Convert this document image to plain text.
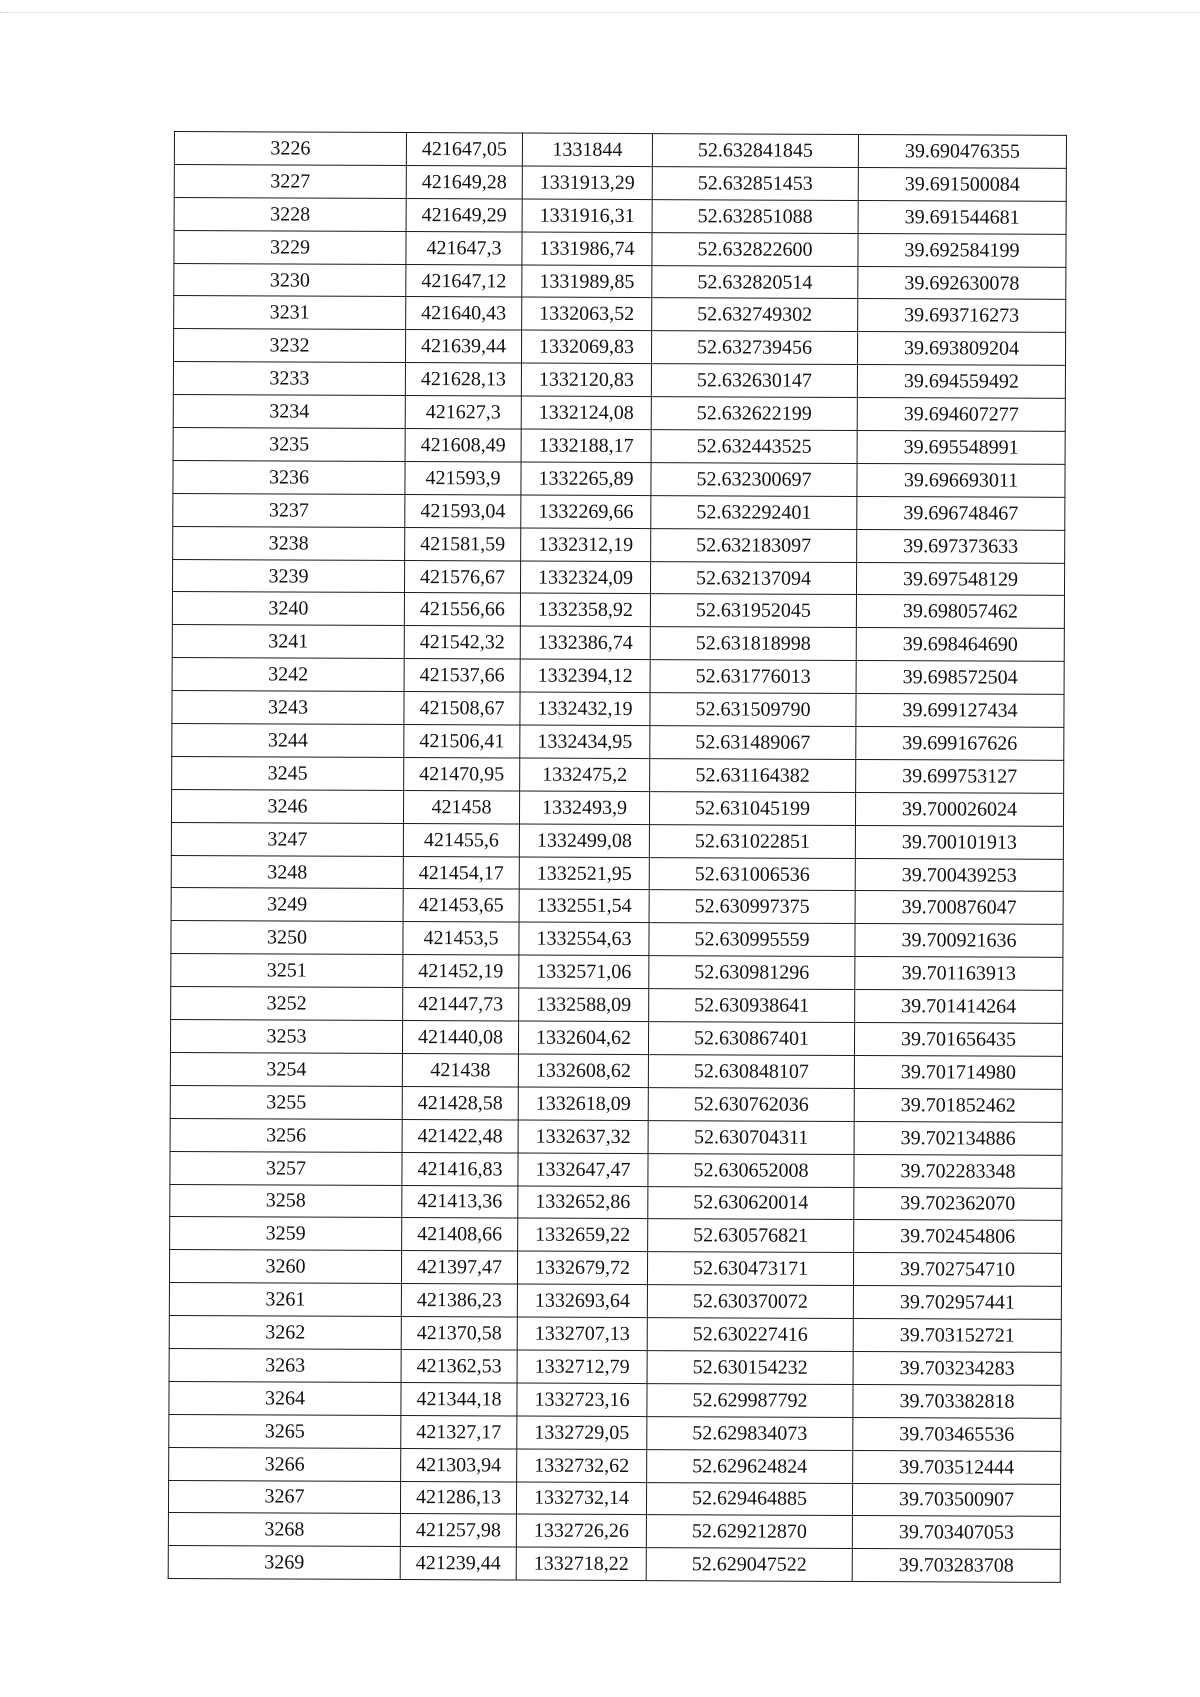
3226	421647,05	1331844	52.632841845	39.690476355
3227	421649,28	1331913,29	52.632851453	39.691500084
3228	421649,29	1331916,31	52.632851088	39.691544681
3229	421647,3	1331986,74	52.632822600	39.692584199
3230	421647,12	1331989,85	52.632820514	39.692630078
3231	421640,43	1332063,52	52.632749302	39.693716273
3232	421639,44	1332069,83	52.632739456	39.693809204
3233	421628,13	1332120,83	52.632630147	39.694559492
3234	421627,3	1332124,08	52.632622199	39.694607277
3235	421608,49	1332188,17	52.632443525	39.695548991
3236	421593,9	1332265,89	52.632300697	39.696693011
3237	421593,04	1332269,66	52.632292401	39.696748467
3238	421581,59	1332312,19	52.632183097	39.697373633
3239	421576,67	1332324,09	52.632137094	39.697548129
3240	421556,66	1332358,92	52.631952045	39.698057462
3241	421542,32	1332386,74	52.631818998	39.698464690
3242	421537,66	1332394,12	52.631776013	39.698572504
3243	421508,67	1332432,19	52.631509790	39.699127434
3244	421506,41	1332434,95	52.631489067	39.699167626
3245	421470,95	1332475,2	52.631164382	39.699753127
3246	421458	1332493,9	52.631045199	39.700026024
3247	421455,6	1332499,08	52.631022851	39.700101913
3248	421454,17	1332521,95	52.631006536	39.700439253
3249	421453,65	1332551,54	52.630997375	39.700876047
3250	421453,5	1332554,63	52.630995559	39.700921636
3251	421452,19	1332571,06	52.630981296	39.701163913
3252	421447,73	1332588,09	52.630938641	39.701414264
3253	421440,08	1332604,62	52.630867401	39.701656435
3254	421438	1332608,62	52.630848107	39.701714980
3255	421428,58	1332618,09	52.630762036	39.701852462
3256	421422,48	1332637,32	52.630704311	39.702134886
3257	421416,83	1332647,47	52.630652008	39.702283348
3258	421413,36	1332652,86	52.630620014	39.702362070
3259	421408,66	1332659,22	52.630576821	39.702454806
3260	421397,47	1332679,72	52.630473171	39.702754710
3261	421386,23	1332693,64	52.630370072	39.702957441
3262	421370,58	1332707,13	52.630227416	39.703152721
3263	421362,53	1332712,79	52.630154232	39.703234283
3264	421344,18	1332723,16	52.629987792	39.703382818
3265	421327,17	1332729,05	52.629834073	39.703465536
3266	421303,94	1332732,62	52.629624824	39.703512444
3267	421286,13	1332732,14	52.629464885	39.703500907
3268	421257,98	1332726,26	52.629212870	39.703407053
3269	421239,44	1332718,22	52.629047522	39.703283708
